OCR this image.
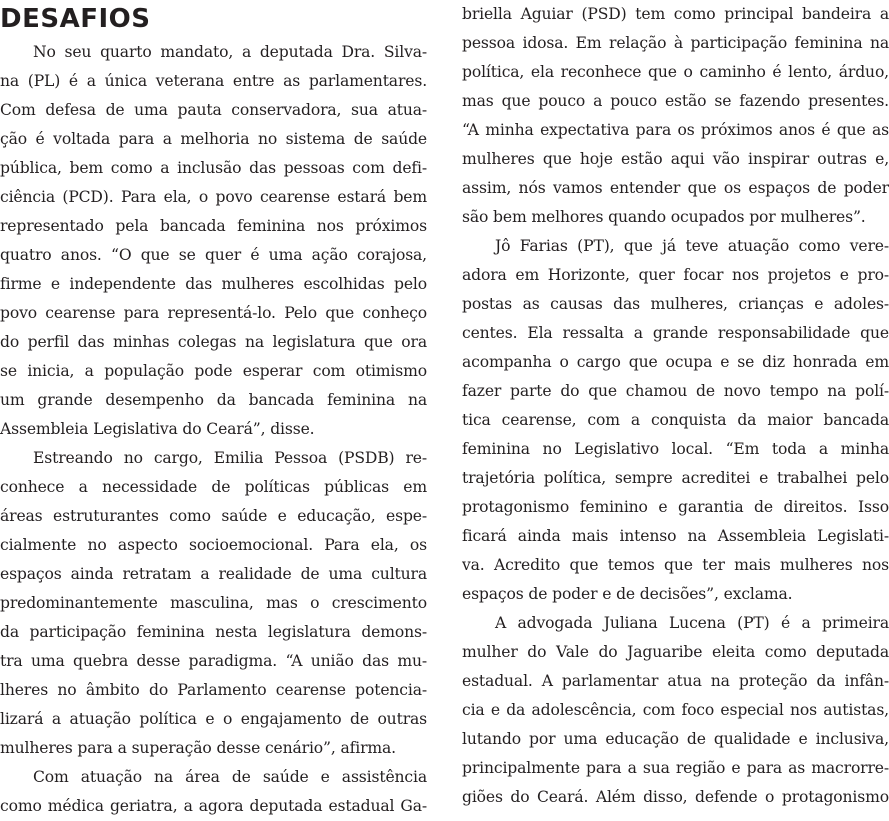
DESAFIOS
No seu quarto mandato, a deputada Dra. Silva-
na (PL) é a única veterana entre as parlamentares.
Com defesa de uma pauta conservadora, sua atua-
ção é voltada para a melhoria no sistema de saúde
pública, bem como a inclusão das pessoas com defi-
ciência (PCD). Para ela, o povo cearense estará bem
representado pela bancada feminina nos próximos
quatro anos. “O que se quer é uma ação corajosa,
firme e independente das mulheres escolhidas pelo
povo cearense para representá-lo. Pelo que conheço
do perfil das minhas colegas na legislatura que ora
se inicia, a população pode esperar com otimismo
um grande desempenho da bancada feminina na
Assembleia Legislativa do Ceará”, disse.
Estreando no cargo, Emilia Pessoa (PSDB) re-
conhece a necessidade de políticas públicas em
áreas estruturantes como saúde e educação, espe-
cialmente no aspecto socioemocional. Para ela, os
espaços ainda retratam a realidade de uma cultura
predominantemente masculina, mas o crescimento
da participação feminina nesta legislatura demons-
tra uma quebra desse paradigma. “A união das mu-
lheres no âmbito do Parlamento cearense potencia-
lizará a atuação política e o engajamento de outras
mulheres para a superação desse cenário”, afirma.
Com atuação na área de saúde e assistência
como médica geriatra, a agora deputada estadual Ga-
briella Aguiar (PSD) tem como principal bandeira a
pessoa idosa. Em relação à participação feminina na
política, ela reconhece que o caminho é lento, árduo,
mas que pouco a pouco estão se fazendo presentes.
“A minha expectativa para os próximos anos é que as
mulheres que hoje estão aqui vão inspirar outras e,
assim, nós vamos entender que os espaços de poder
são bem melhores quando ocupados por mulheres”.
Jô Farias (PT), que já teve atuação como vere-
adora em Horizonte, quer focar nos projetos e pro-
postas as causas das mulheres, crianças e adoles-
centes. Ela ressalta a grande responsabilidade que
acompanha o cargo que ocupa e se diz honrada em
fazer parte do que chamou de novo tempo na polí-
tica cearense, com a conquista da maior bancada
feminina no Legislativo local. “Em toda a minha
trajetória política, sempre acreditei e trabalhei pelo
protagonismo feminino e garantia de direitos. Isso
ficará ainda mais intenso na Assembleia Legislati-
va. Acredito que temos que ter mais mulheres nos
espaços de poder e de decisões”, exclama.
A advogada Juliana Lucena (PT) é a primeira
mulher do Vale do Jaguaribe eleita como deputada
estadual. A parlamentar atua na proteção da infân-
cia e da adolescência, com foco especial nos autistas,
lutando por uma educação de qualidade e inclusiva,
principalmente para a sua região e para as macrorre-
giões do Ceará. Além disso, defende o protagonismo
